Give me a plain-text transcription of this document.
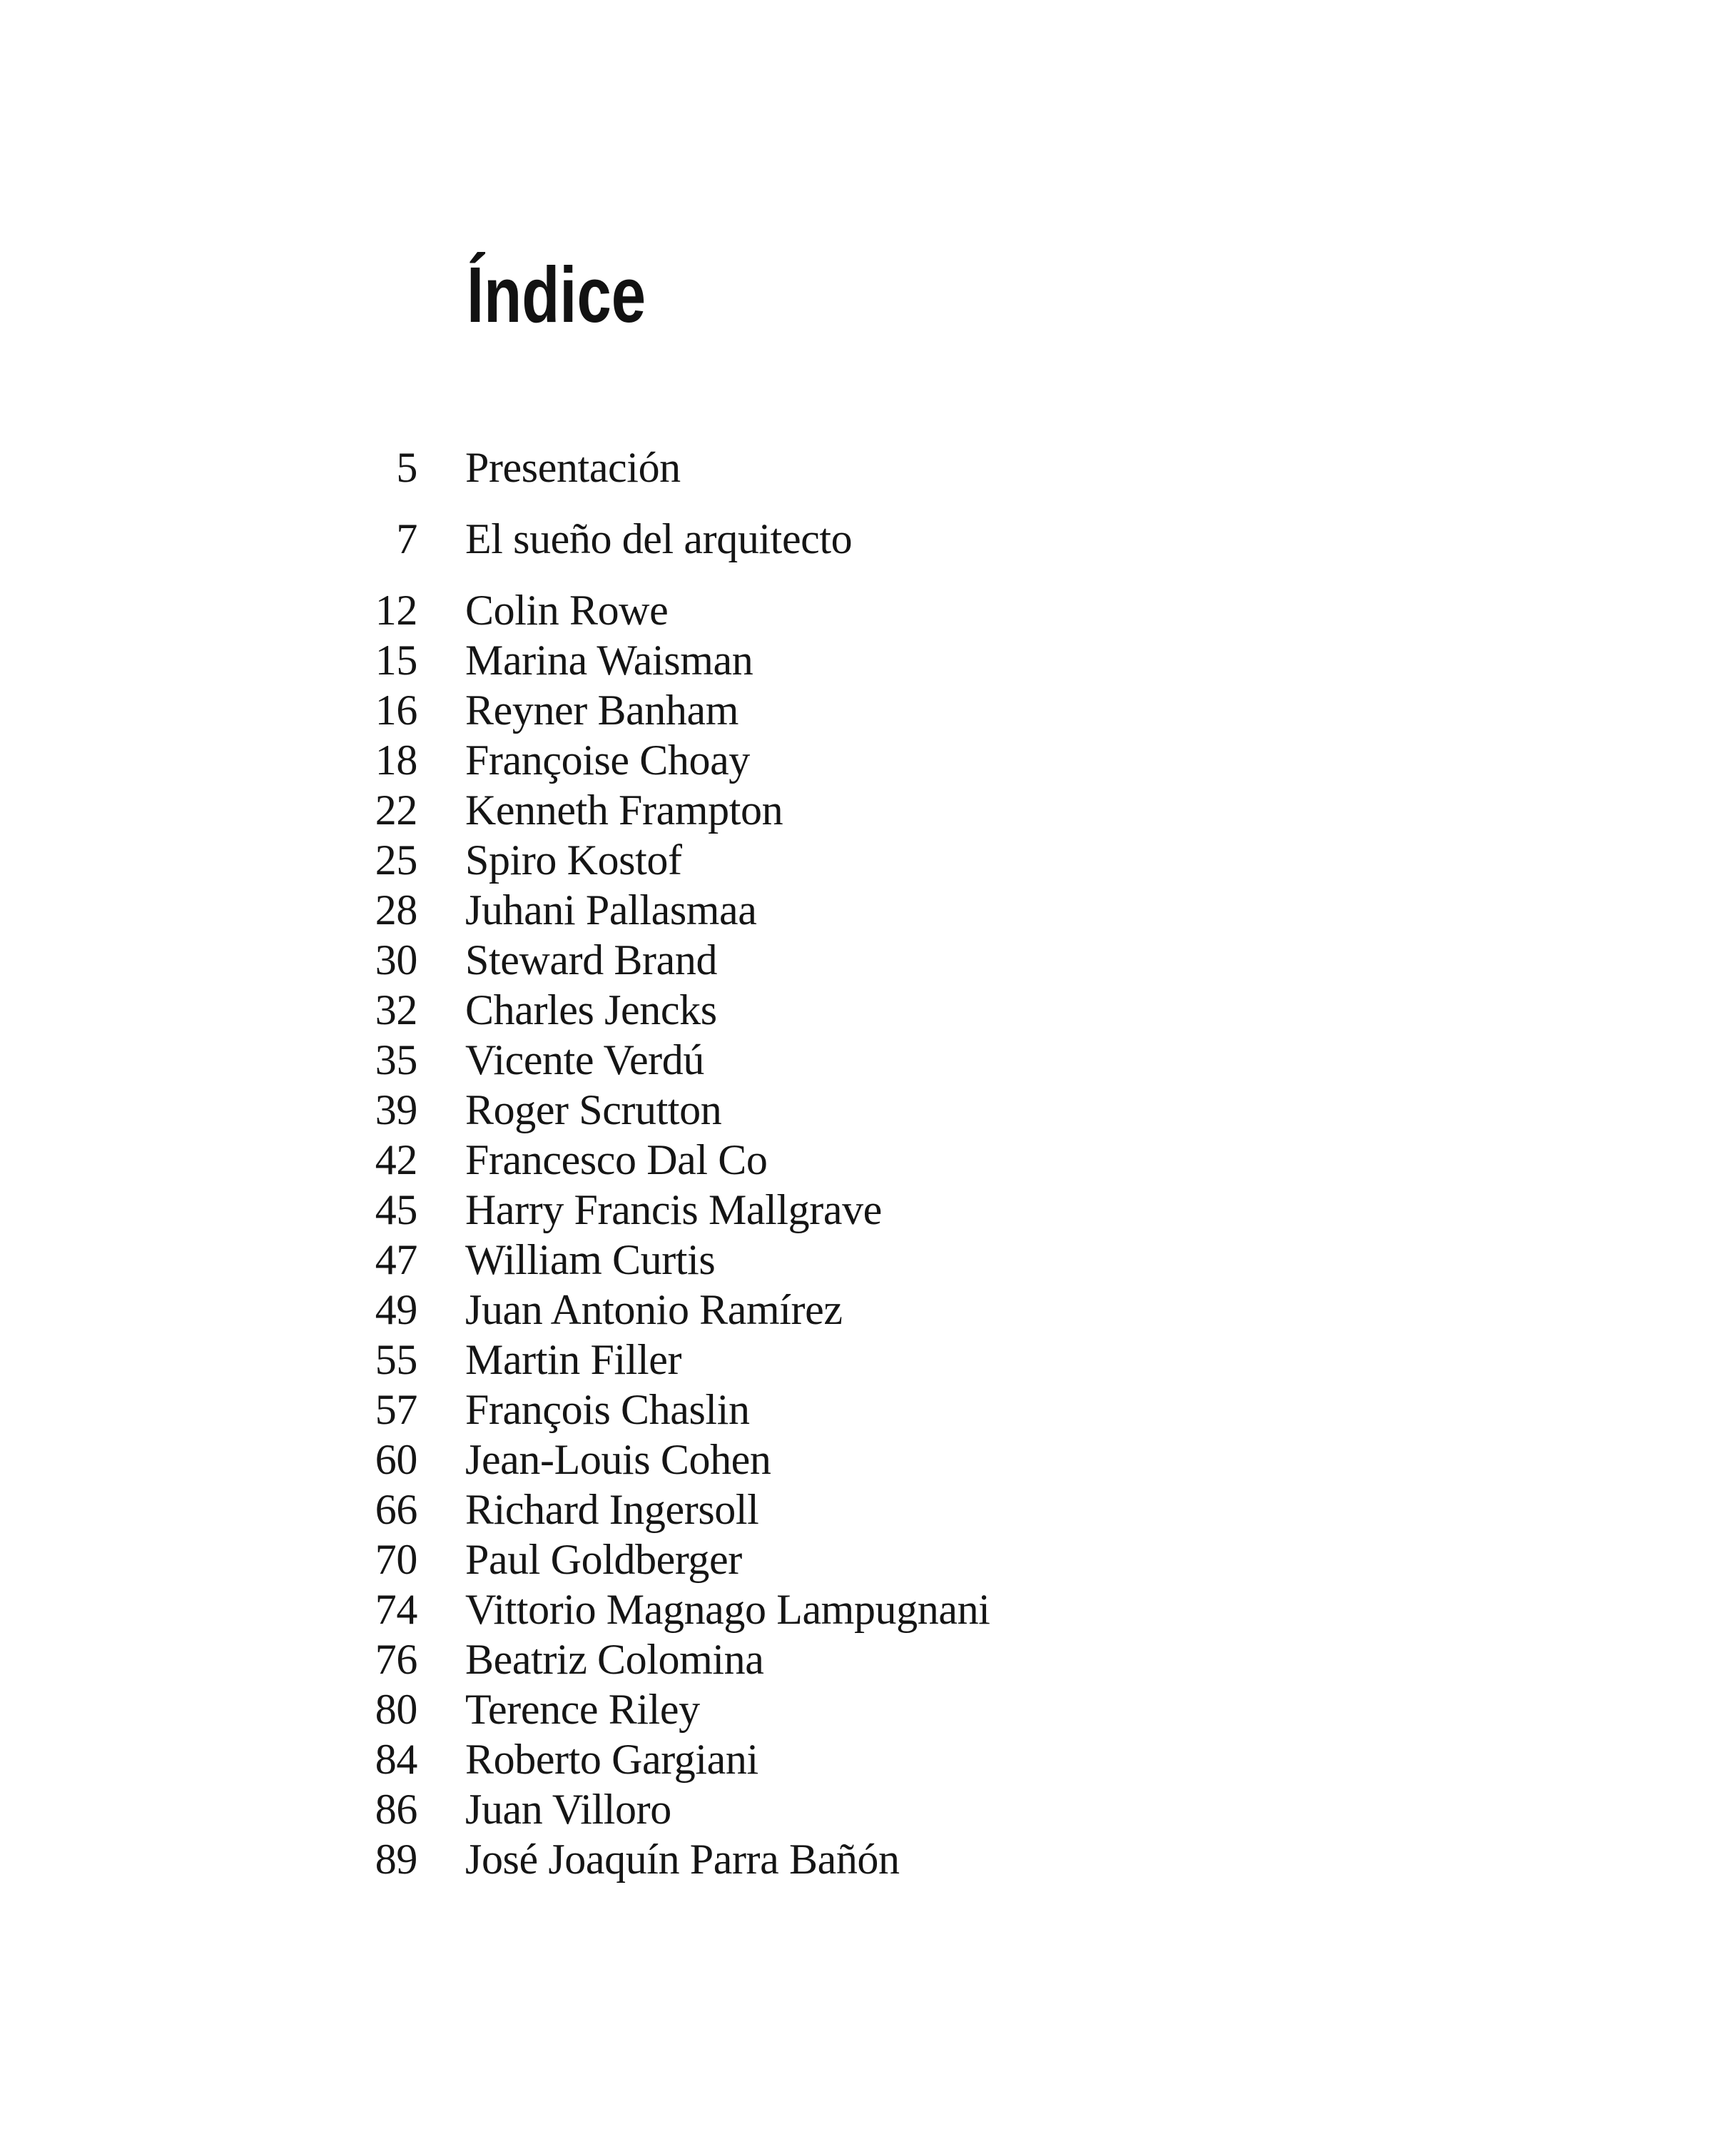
Índice
5 Presentación
7 El sueño del arquitecto
12 Colin Rowe
15 Marina Waisman
16 Reyner Banham
18 Françoise Choay
22 Kenneth Frampton
25 Spiro Kostof
28 Juhani Pallasmaa
30 Steward Brand
32 Charles Jencks
35 Vicente Verdú
39 Roger Scrutton
42 Francesco Dal Co
45 Harry Francis Mallgrave
47 William Curtis
49 Juan Antonio Ramírez
55 Martin Filler
57 François Chaslin
60 Jean-Louis Cohen
66 Richard Ingersoll
70 Paul Goldberger
74 Vittorio Magnago Lampugnani
76 Beatriz Colomina
80 Terence Riley
84 Roberto Gargiani
86 Juan Villoro
89 José Joaquín Parra Bañón
